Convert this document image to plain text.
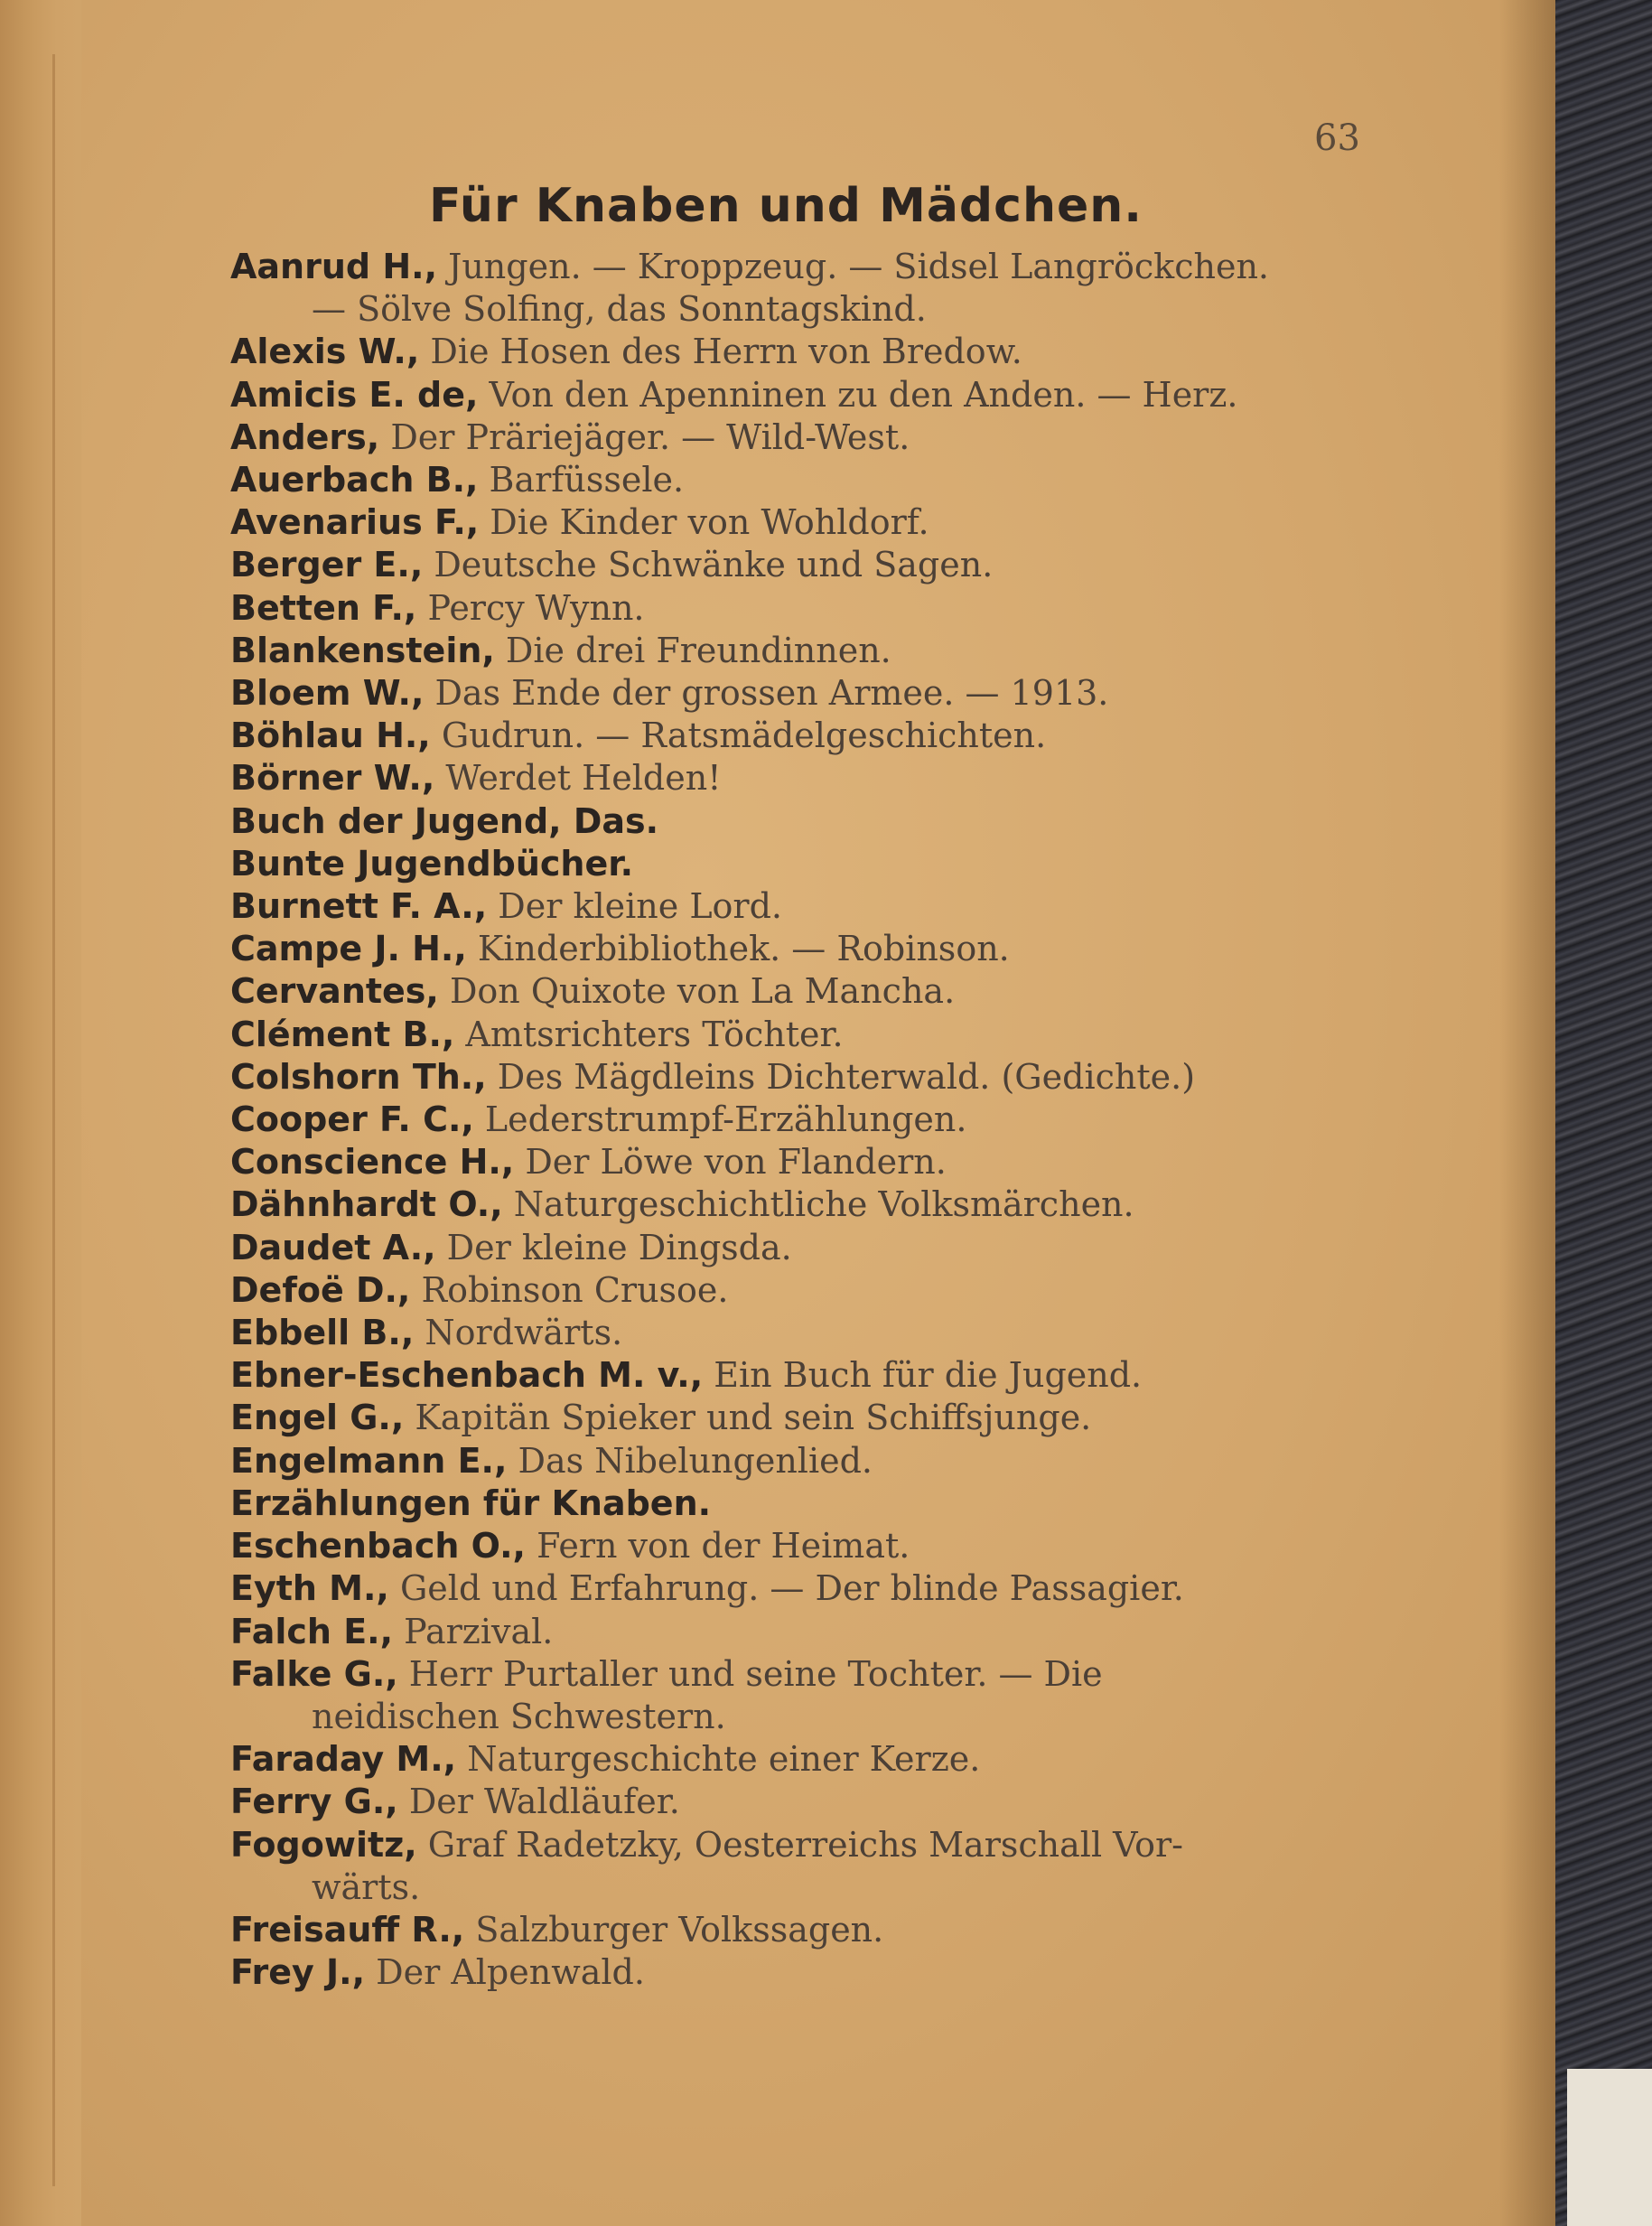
63
Für Knaben und Mädchen.
Aanrud H., Jungen. — Kroppzeug. — Sidsel Langröckchen.
— Sölve Solfing, das Sonntagskind.
Alexis W., Die Hosen des Herrn von Bredow.
Amicis E. de, Von den Apenninen zu den Anden. — Herz.
Anders, Der Präriejäger. — Wild-West.
Auerbach B., Barfüssele.
Avenarius F., Die Kinder von Wohldorf.
Berger E., Deutsche Schwänke und Sagen.
Betten F., Percy Wynn.
Blankenstein, Die drei Freundinnen.
Bloem W., Das Ende der grossen Armee. — 1913.
Böhlau H., Gudrun. — Ratsmädelgeschichten.
Börner W., Werdet Helden!
Buch der Jugend, Das.
Bunte Jugendbücher.
Burnett F. A., Der kleine Lord.
Campe J. H., Kinderbibliothek. — Robinson.
Cervantes, Don Quixote von La Mancha.
Clément B., Amtsrichters Töchter.
Colshorn Th., Des Mägdleins Dichterwald. (Gedichte.)
Cooper F. C., Lederstrumpf-Erzählungen.
Conscience H., Der Löwe von Flandern.
Dähnhardt O., Naturgeschichtliche Volksmärchen.
Daudet A., Der kleine Dingsda.
Defoë D., Robinson Crusoe.
Ebbell B., Nordwärts.
Ebner-Eschenbach M. v., Ein Buch für die Jugend.
Engel G., Kapitän Spieker und sein Schiffsjunge.
Engelmann E., Das Nibelungenlied.
Erzählungen für Knaben.
Eschenbach O., Fern von der Heimat.
Eyth M., Geld und Erfahrung. — Der blinde Passagier.
Falch E., Parzival.
Falke G., Herr Purtaller und seine Tochter. — Die
neidischen Schwestern.
Faraday M., Naturgeschichte einer Kerze.
Ferry G., Der Waldläufer.
Fogowitz, Graf Radetzky, Oesterreichs Marschall Vor-
wärts.
Freisauff R., Salzburger Volkssagen.
Frey J., Der Alpenwald.
